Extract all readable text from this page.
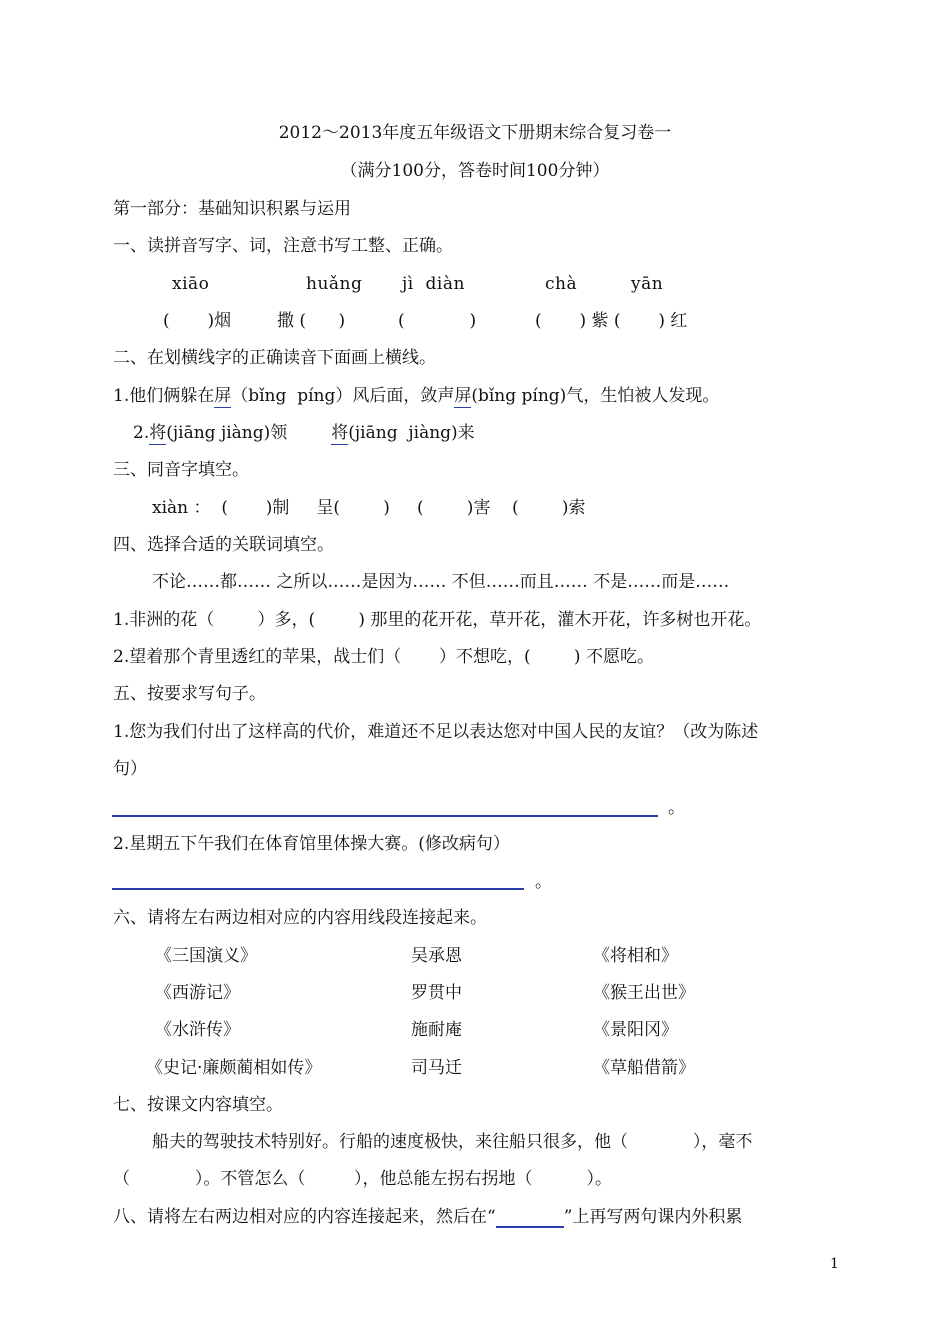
2012～2013年度五年级语文下册期末综合复习卷一
（满分100分，答卷时间100分钟）
第一部分：基础知识积累与运用
一、读拼音写字、词，注意书写工整、正确。
xiāo	huǎng jì  diàn	chà	yān
(       )烟	撒 (      )	(            )	(       ) 紫 (       ) 红
二、在划横线字的正确读音下面画上横线。
1.他们俩躲在屏（bǐng  píng）风后面，敛声屏(bǐng píng)气，生怕被人发现。
2.将(jiāng jiàng)领	将(jiāng  jiàng)来
三、同音字填空。
xiàn ：  (       )制     呈(        )     (        )害    (        )索
四、选择合适的关联词填空。
不论……都…… 之所以……是因为…… 不但……而且…… 不是……而是……
1.非洲的花（        ）多，(        ) 那里的花开花，草开花，灌木开花，许多树也开花。
2.望着那个青里透红的苹果，战士们（       ）不想吃，(        ) 不愿吃。
五、按要求写句子。
1.您为我们付出了这样高的代价，难道还不足以表达您对中国人民的友谊？（改为陈述
句）
。
2.星期五下午我们在体育馆里体操大赛。(修改病句）
。
六、请将左右两边相对应的内容用线段连接起来。
《三国演义》	吴承恩	《将相和》
《西游记》	罗贯中	《猴王出世》
《水浒传》	施耐庵	《景阳冈》
《史记·廉颇蔺相如传》	司马迁	《草船借箭》
七、按课文内容填空。
船夫的驾驶技术特别好。行船的速度极快，来往船只很多，他（            ），毫不
（            ）。不管怎么（         ），他总能左拐右拐地（          ）。
八、请将左右两边相对应的内容连接起来，然后在“	”上再写两句课内外积累
1
